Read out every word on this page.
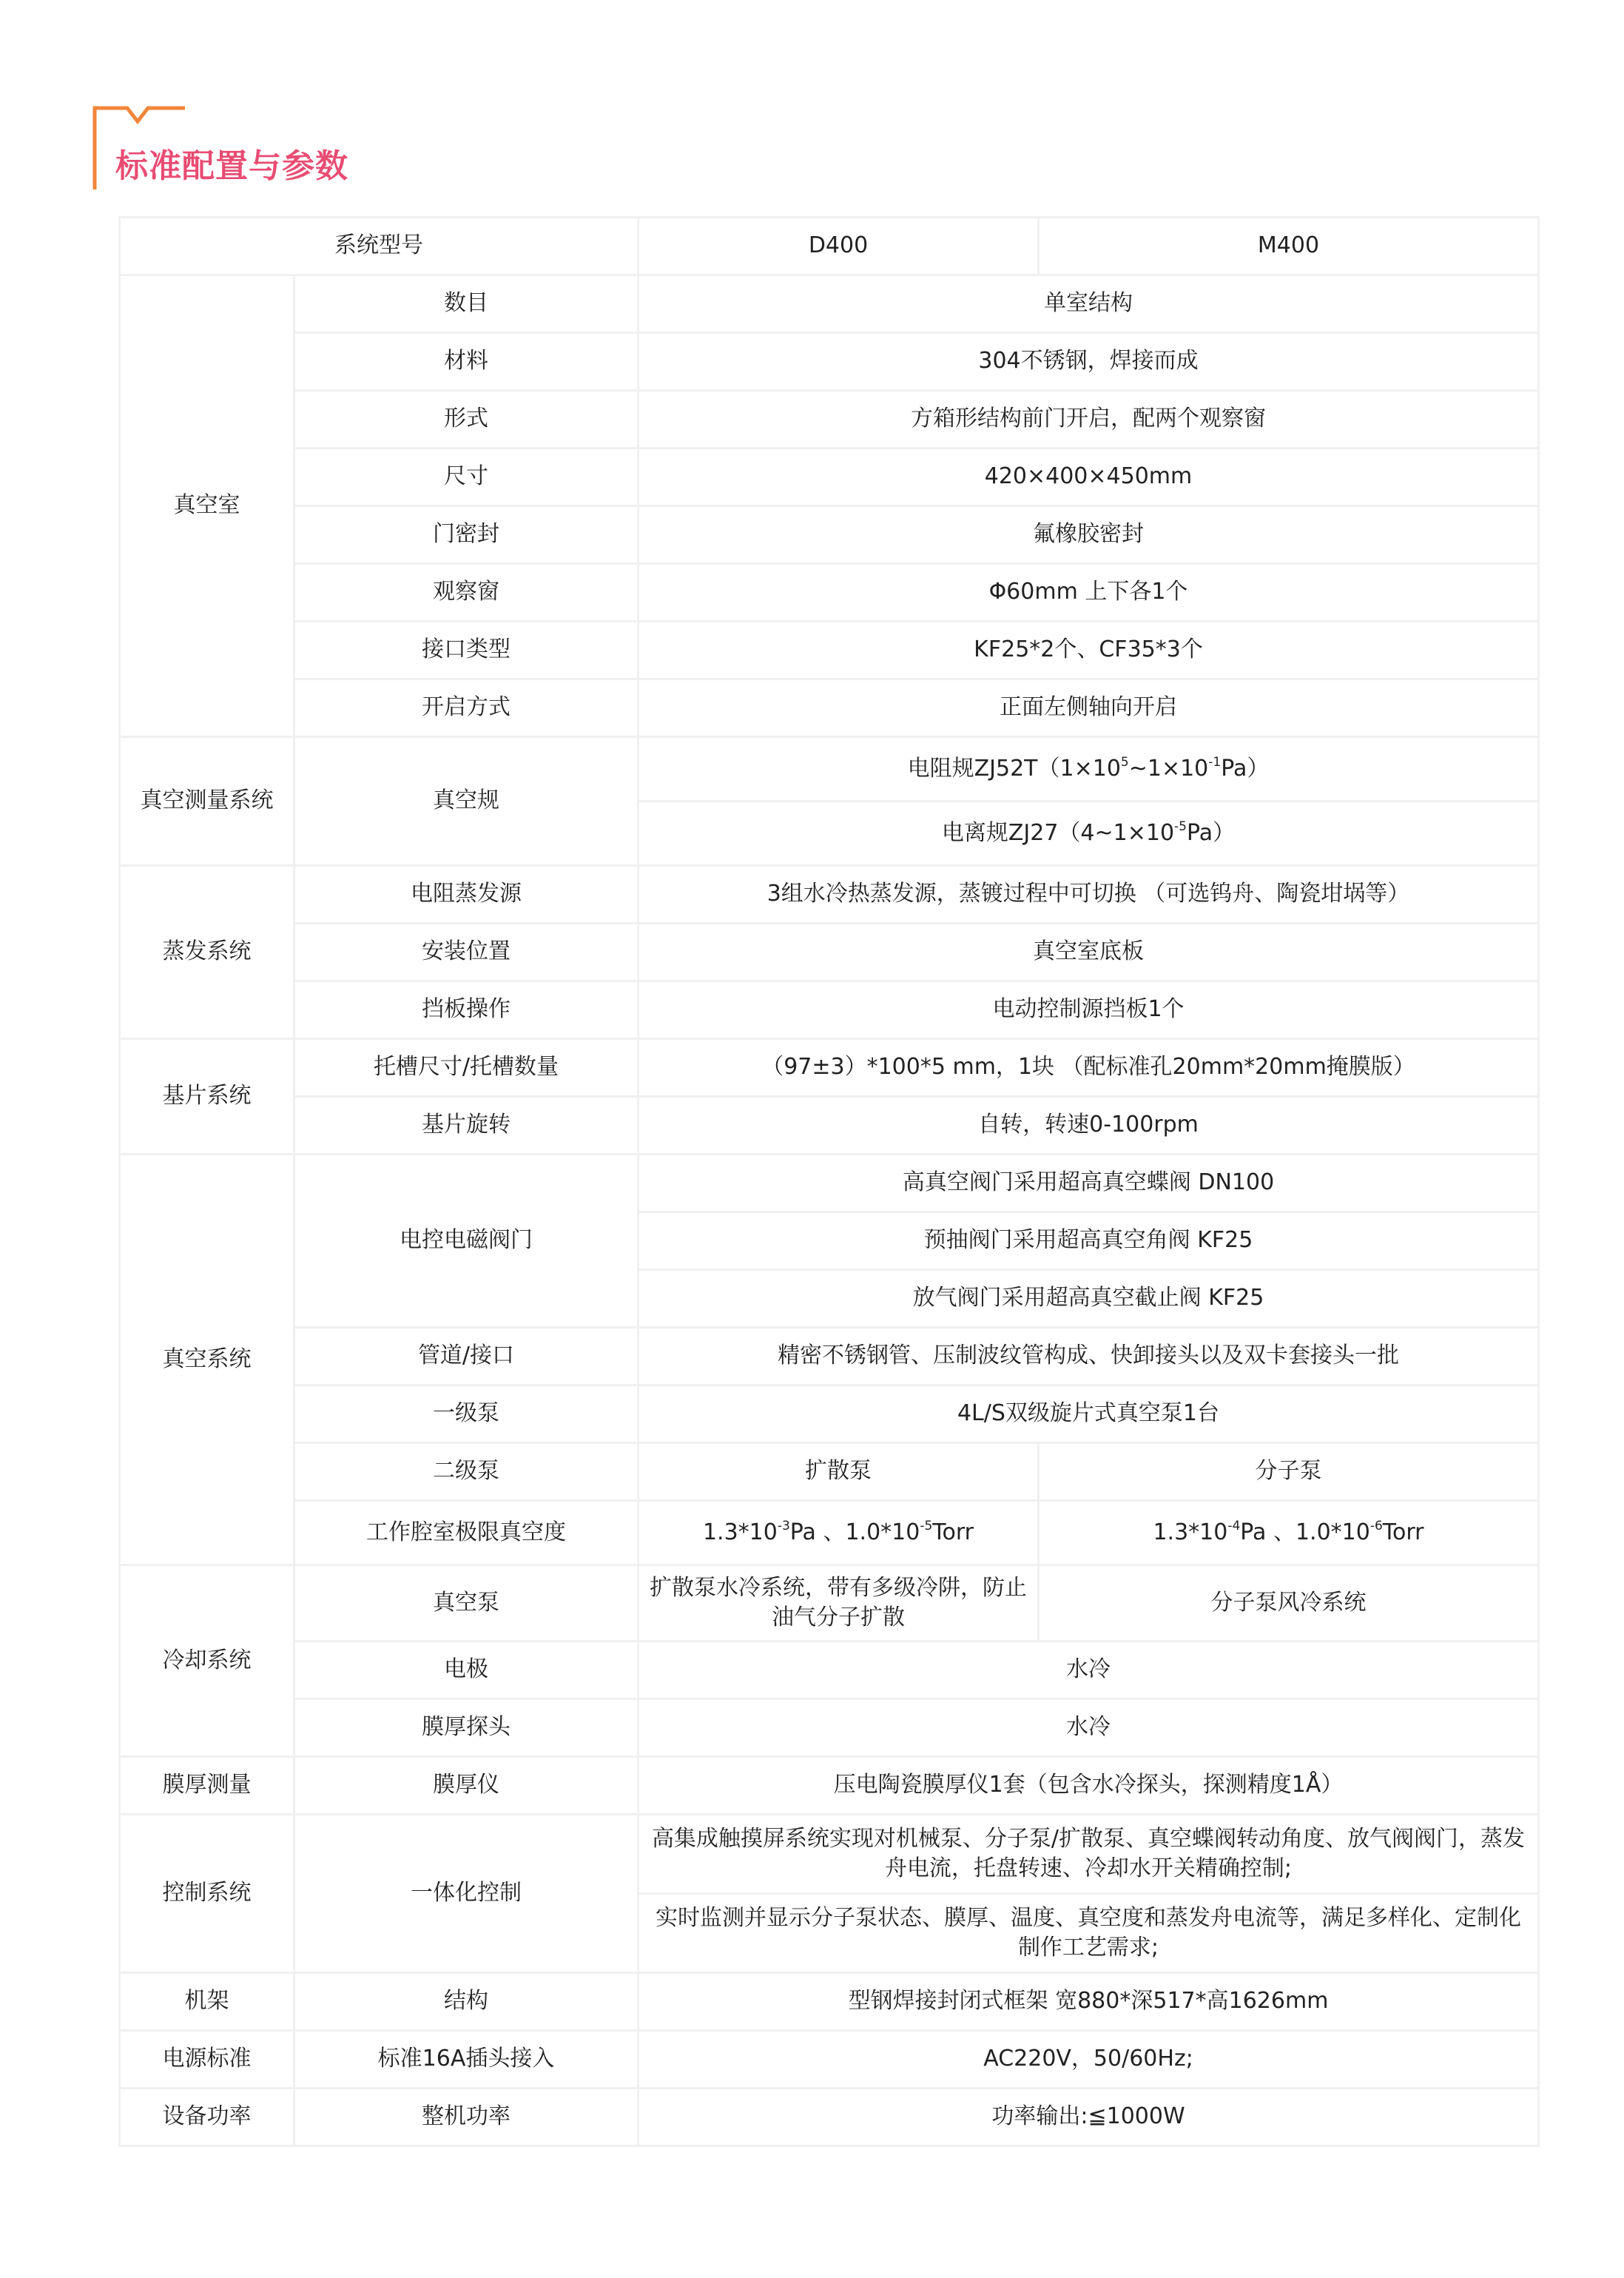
标准配置与参数
系统型号		D400	M400
真空室	数目	单室结构	
	材料	304不锈钢，焊接而成	
	形式	方箱形结构前门开启，配两个观察窗	
	尺寸	420×400×450mm	
	门密封	氟橡胶密封	
	观察窗	Φ60mm 上下各1个	
	接口类型	KF25*2个、CF35*3个	
	开启方式	正面左侧轴向开启	
真空测量系统	真空规	电阻规$ZJ52T(1\times 10^5\sim 1\times 10^{-1}Pa)$	
		电离规$ZJ27(4\sim 1\times 10^{-5}Pa)$	
蒸发系统	电阻蒸发源	3组水冷热蒸发源，蒸镀过程中可切换 （可选钨舟、陶瓷坩埚等）	
	安装位置	真空室底板	
	挡板操作	电动控制源挡板1个	
基片系统	托槽尺寸/托槽数量	（97±3）*100*5 mm，1块 （配标准孔20mm*20mm掩膜版）	
	基片旋转	自转，转速0-100rpm	
真空系统	电控电磁阀门	高真空阀门采用超高真空蝶阀 DN100	
		预抽阀门采用超高真空角阀 KF25	
		放气阀门采用超高真空截止阀 KF25	
	管道/接口	精密不锈钢管、压制波纹管构成、快卸接头以及双卡套接头一批	
	一级泵	4L/S双级旋片式真空泵1台	
	二级泵	扩散泵	分子泵
	工作腔室极限真空度	$1.3*10^{-3}Pa$ 、$1.0*10^{-5}Torr$	$1.3*10^{-4}Pa$ 、$1.0*10^{-6}Torr$
冷却系统	真空泵	扩散泵水冷系统，带有多级冷阱，防止油气分子扩散	分子泵风冷系统
	电极	水冷	
	膜厚探头	水冷	
膜厚测量	膜厚仪	压电陶瓷膜厚仪1套（包含水冷探头，探测精度1Å）	
控制系统	一体化控制	高集成触摸屏系统实现对机械泵、分子泵/扩散泵、真空蝶阀转动角度、放气阀阀门，蒸发舟电流，托盘转速、冷却水开关精确控制;	
		实时监测并显示分子泵状态、膜厚、温度、真空度和蒸发舟电流等，满足多样化、定制化制作工艺需求;	
机架	结构	型钢焊接封闭式框架 宽880*深517*高1626mm	
电源标准	标准16A插头接入	AC220V，50/60Hz;	
设备功率	整机功率	功率输出:≦1000W	
